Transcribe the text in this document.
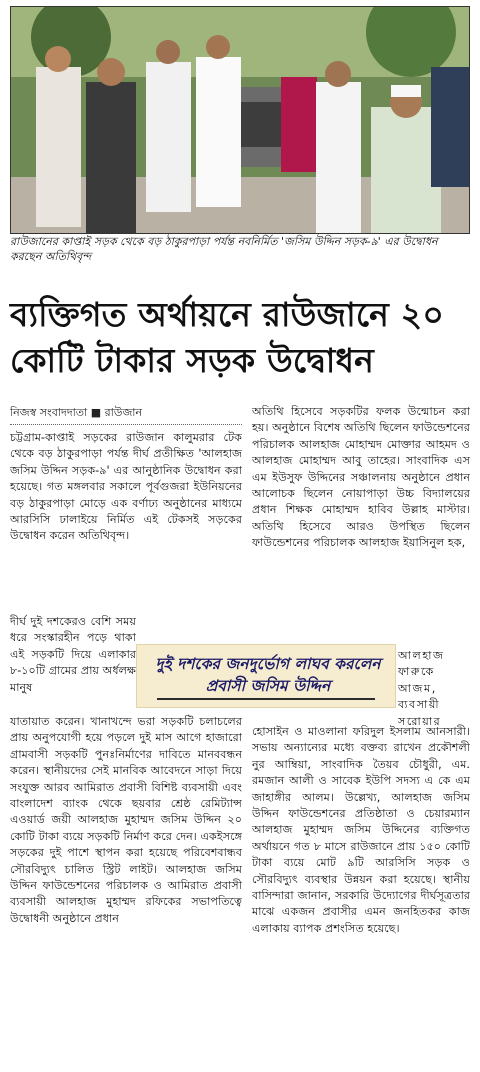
রাউজানের কাপ্তাই সড়ক থেকে বড় ঠাকুরপাড়া পর্যন্ত নবনির্মিত 'জসিম উদ্দিন সড়ক-৯' এর উদ্বোধন করছেন অতিথিবৃন্দ
ব্যক্তিগত অর্থায়নে রাউজানে ২০ কোটি টাকার সড়ক উদ্বোধন
নিজস্ব সংবাদদাতা ■ রাউজান

চট্টগ্রাম-কাপ্তাই সড়কের রাউজান কালুমরার টেক থেকে বড় ঠাকুরপাড়া পর্যন্ত দীর্ঘ প্রতীক্ষিত 'আলহাজ জসিম উদ্দিন সড়ক-৯' এর আনুষ্ঠানিক উদ্বোধন করা হয়েছে। গত মঙ্গলবার সকালে পূর্বগুজরা ইউনিয়নের বড় ঠাকুরপাড়া মোড়ে এক বর্ণাঢ্য অনুষ্ঠানের মাধ্যমে আরসিসি ঢালাইয়ে নির্মিত এই টেকসই সড়কের উদ্বোধন করেন অতিথিবৃন্দ।

দীর্ঘ দুই দশকেরও বেশি সময় ধরে সংস্কারহীন পড়ে থাকা এই সড়কটি দিয়ে এলাকার ৮-১০টি গ্রামের প্রায় অর্ধলক্ষ মানুষ

দুই দশকের জনদুর্ভোগ লাঘব করলেন প্রবাসী জসিম উদ্দিন

যাতায়াত করেন। খানাখন্দে ভরা সড়কটি চলাচলের প্রায় অনুপযোগী হয়ে পড়লে দুই মাস আগে হাজারো গ্রামবাসী সড়কটি পুনঃনির্মাণের দাবিতে মানববন্ধন করেন। স্থানীয়দের সেই মানবিক আবেদনে সাড়া দিয়ে সংযুক্ত আরব আমিরাত প্রবাসী বিশিষ্ট ব্যবসায়ী এবং বাংলাদেশ ব্যাংক থেকে ছয়বার শ্রেষ্ঠ রেমিট্যান্স এওয়ার্ড জয়ী আলহাজ মুহাম্মদ জসিম উদ্দিন ২০ কোটি টাকা ব্যয়ে সড়কটি নির্মাণ করে দেন। একইসঙ্গে সড়কের দুই পাশে স্থাপন করা হয়েছে পরিবেশবান্ধব সৌরবিদ্যুৎ চালিত স্ট্রিট লাইট। আলহাজ জসিম উদ্দিন ফাউন্ডেশনের পরিচালক ও আমিরাত প্রবাসী ব্যবসায়ী আলহাজ মুহাম্মদ রফিকের সভাপতিত্বে উদ্বোধনী অনুষ্ঠানে প্রধান

অতিথি হিসেবে সড়কটির ফলক উন্মোচন করা হয়। অনুষ্ঠানে বিশেষ অতিথি ছিলেন ফাউন্ডেশনের পরিচালক আলহাজ মোহাম্মদ মোক্তার আহমদ ও আলহাজ মোহাম্মদ আবু তাহের। সাংবাদিক এস এম ইউসুফ উদ্দিনের সঞ্চালনায় অনুষ্ঠানে প্রধান আলোচক ছিলেন নোয়াপাড়া উচ্চ বিদ্যালয়ের প্রধান শিক্ষক মোহাম্মদ হাবিব উল্লাহ মাস্টার। অতিথি হিসেবে আরও উপস্থিত ছিলেন ফাউন্ডেশনের পরিচালক আলহাজ ইয়াসিনুল হক,

আলহাজ ফারুকে আজম, ব্যবসায়ী সরোয়ার

হোসাইন ও মাওলানা ফরিদুল ইসলাম আনসারী। সভায় অন্যান্যের মধ্যে বক্তব্য রাখেন প্রকৌশলী নুর আম্বিয়া, সাংবাদিক তৈয়ব চৌধুরী, এম. রমজান আলী ও সাবেক ইউপি সদস্য এ কে এম জাহাঙ্গীর আলম। উল্লেখ্য, আলহাজ জসিম উদ্দিন ফাউন্ডেশনের প্রতিষ্ঠাতা ও চেয়ারম্যান আলহাজ মুহাম্মদ জসিম উদ্দিনের ব্যক্তিগত অর্থায়নে গত ৮ মাসে রাউজানে প্রায় ১৫০ কোটি টাকা ব্যয়ে মোট ৯টি আরসিসি সড়ক ও সৌরবিদ্যুৎ ব্যবস্থার উন্নয়ন করা হয়েছে। স্থানীয় বাসিন্দারা জানান, সরকারি উদ্যোগের দীর্ঘসূত্রতার মাঝে একজন প্রবাসীর এমন জনহিতকর কাজ এলাকায় ব্যাপক প্রশংসিত হয়েছে।
